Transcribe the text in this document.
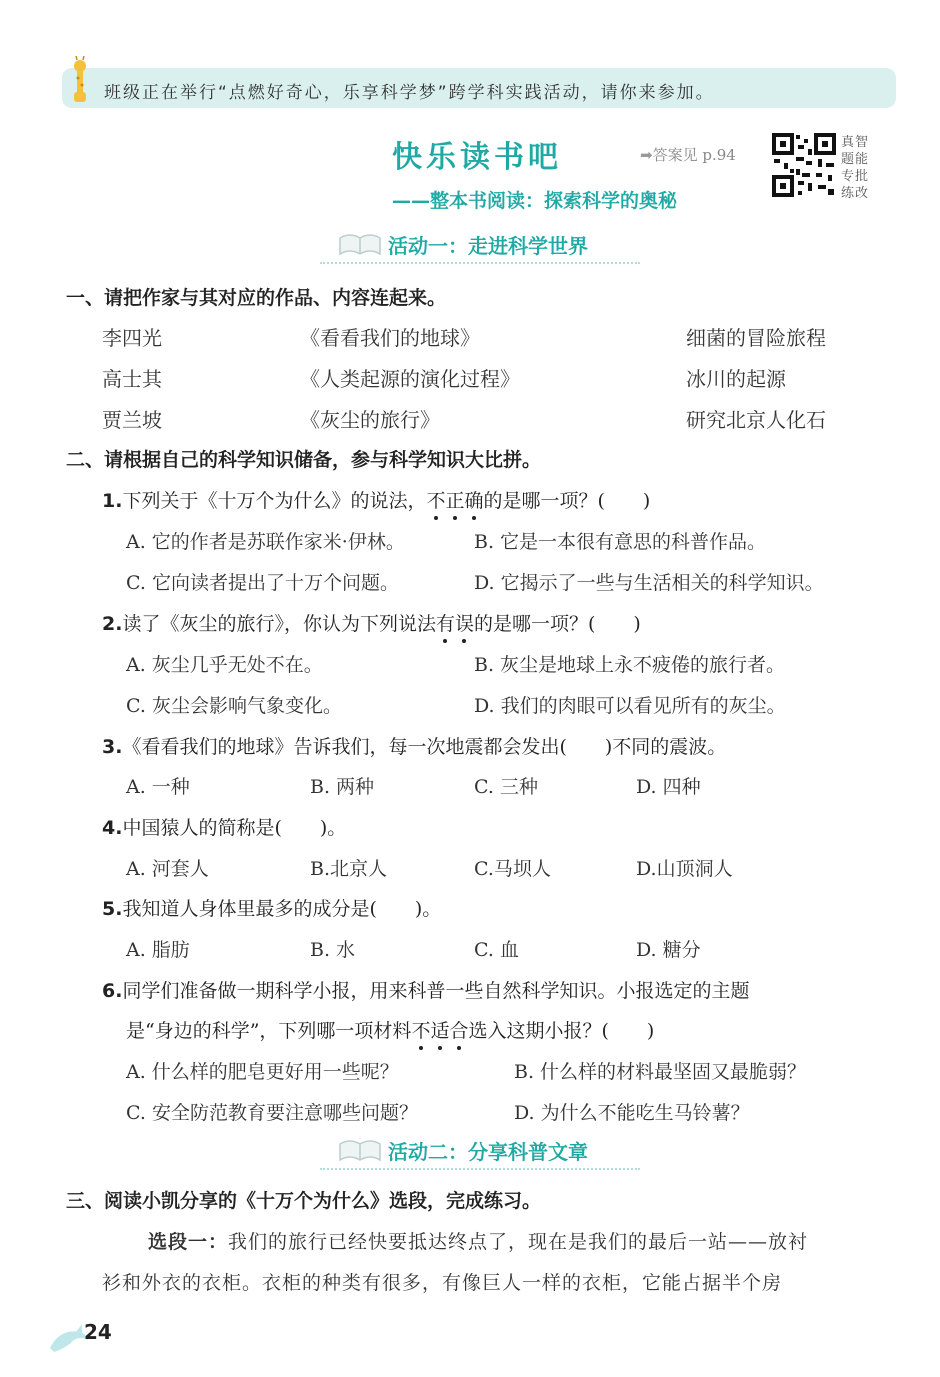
班级正在举行“点燃好奇心，乐享科学梦”跨学科实践活动，请你来参加。
快乐读书吧	➡答案见 p.94
真智
题能
专批
练改
——整本书阅读：探索科学的奥秘
活动一：走进科学世界
一、请把作家与其对应的作品、内容连起来。
李四光	《看看我们的地球》	细菌的冒险旅程
高士其	《人类起源的演化过程》	冰川的起源
贾兰坡	《灰尘的旅行》	研究北京人化石
二、请根据自己的科学知识储备，参与科学知识大比拼。
1.下列关于《十万个为什么》的说法，不正确的是哪一项？(　　)
A. 它的作者是苏联作家米·伊林。	B. 它是一本很有意思的科普作品。
C. 它向读者提出了十万个问题。	D. 它揭示了一些与生活相关的科学知识。
2.读了《灰尘的旅行》，你认为下列说法有误的是哪一项？(　　)
A. 灰尘几乎无处不在。	B. 灰尘是地球上永不疲倦的旅行者。
C. 灰尘会影响气象变化。	D. 我们的肉眼可以看见所有的灰尘。
3.《看看我们的地球》告诉我们，每一次地震都会发出(　　)不同的震波。
A. 一种	B. 两种	C. 三种	D. 四种
4.中国猿人的简称是(　　)。
A. 河套人	B.北京人	C.马坝人	D.山顶洞人
5.我知道人身体里最多的成分是(　　)。
A. 脂肪	B. 水	C. 血	D. 糖分
6.同学们准备做一期科学小报，用来科普一些自然科学知识。小报选定的主题
是“身边的科学”，下列哪一项材料不适合选入这期小报？(　　)
A. 什么样的肥皂更好用一些呢？	B. 什么样的材料最坚固又最脆弱？
C. 安全防范教育要注意哪些问题？	D. 为什么不能吃生马铃薯？
活动二：分享科普文章
三、阅读小凯分享的《十万个为什么》选段，完成练习。
选段一：我们的旅行已经快要抵达终点了，现在是我们的最后一站——放衬
衫和外衣的衣柜。衣柜的种类有很多，有像巨人一样的衣柜，它能占据半个房
24
